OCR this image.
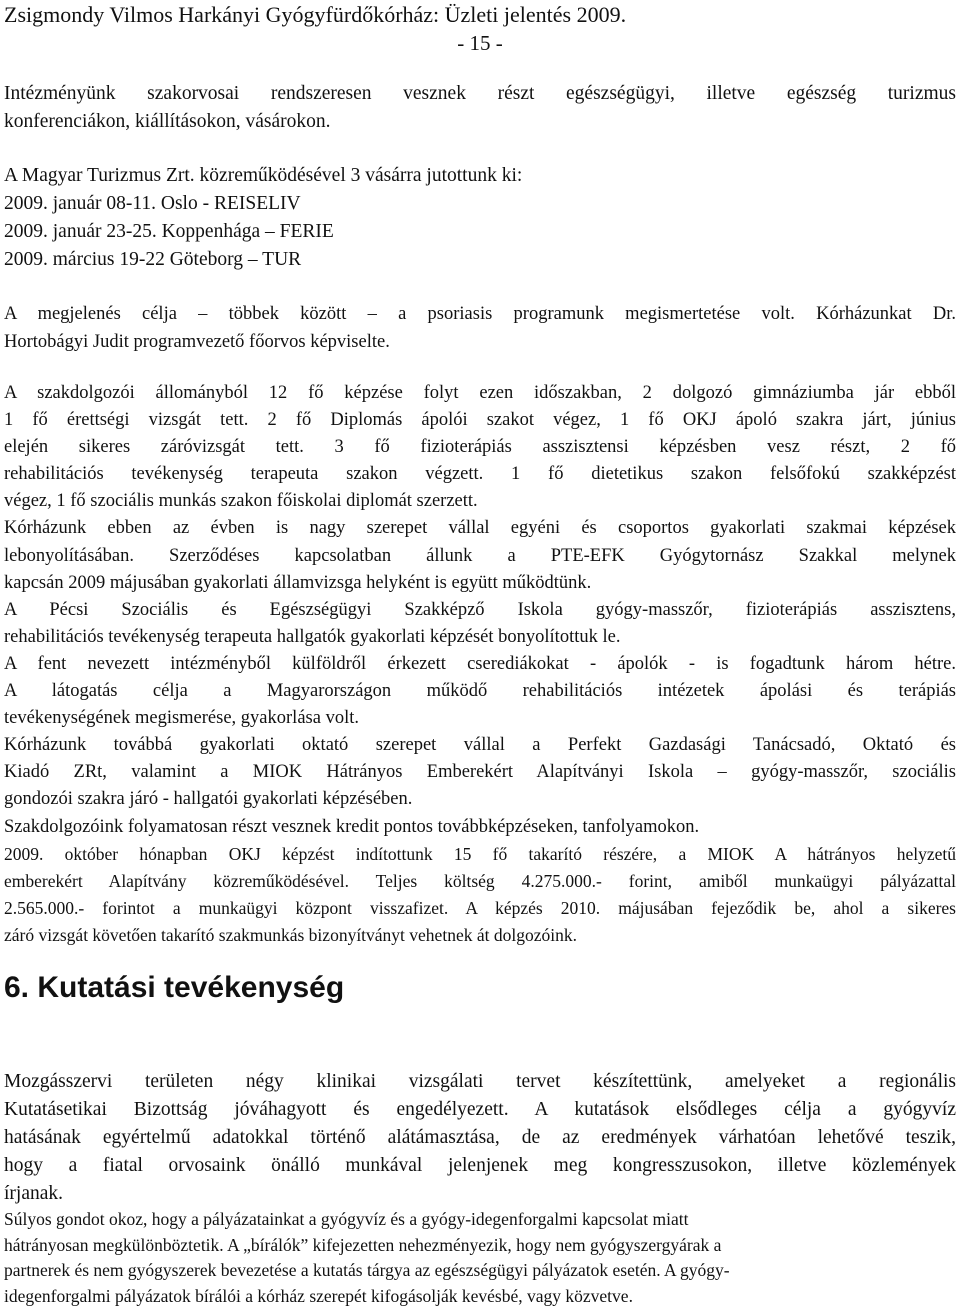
Zsigmondy Vilmos Harkányi Gyógyfürdőkórház: Üzleti jelentés 2009.
- 15 -
Intézményünk szakorvosai rendszeresen vesznek részt egészségügyi, illetve egészség turizmus
konferenciákon, kiállításokon, vásárokon.
A Magyar Turizmus Zrt. közreműködésével 3 vásárra jutottunk ki:
2009. január 08-11. Oslo - REISELIV
2009. január 23-25. Koppenhága – FERIE
2009. március 19-22 Göteborg – TUR
A megjelenés célja – többek között – a psoriasis programunk megismertetése volt. Kórházunkat Dr.
Hortobágyi Judit programvezető főorvos képviselte.
A szakdolgozói állományból 12 fő képzése folyt ezen időszakban, 2 dolgozó gimnáziumba jár ebből
1 fő érettségi vizsgát tett. 2 fő Diplomás ápolói szakot végez, 1 fő OKJ ápoló szakra járt, június
elején sikeres záróvizsgát tett. 3 fő fizioterápiás asszisztensi képzésben vesz részt, 2 fő
rehabilitációs tevékenység terapeuta szakon végzett. 1 fő dietetikus szakon felsőfokú szakképzést
végez, 1 fő szociális munkás szakon főiskolai diplomát szerzett.
Kórházunk ebben az évben is nagy szerepet vállal egyéni és csoportos gyakorlati szakmai képzések
lebonyolításában. Szerződéses kapcsolatban állunk a PTE-EFK Gyógytornász Szakkal melynek
kapcsán 2009 májusában gyakorlati államvizsga helyként is együtt működtünk.
A Pécsi Szociális és Egészségügyi Szakképző Iskola gyógy-masszőr, fizioterápiás asszisztens,
rehabilitációs tevékenység terapeuta hallgatók gyakorlati képzését bonyolítottuk le.
A fent nevezett intézményből külföldről érkezett cserediákokat - ápolók - is fogadtunk három hétre.
A látogatás célja a Magyarországon működő rehabilitációs intézetek ápolási és terápiás
tevékenységének megismerése, gyakorlása volt.
Kórházunk továbbá gyakorlati oktató szerepet vállal a Perfekt Gazdasági Tanácsadó, Oktató és
Kiadó ZRt, valamint a MIOK Hátrányos Emberekért Alapítványi Iskola – gyógy-masszőr, szociális
gondozói szakra járó - hallgatói gyakorlati képzésében.
Szakdolgozóink folyamatosan részt vesznek kredit pontos továbbképzéseken, tanfolyamokon.
2009. október hónapban OKJ képzést indítottunk 15 fő takarító részére, a MIOK A hátrányos helyzetű
emberekért Alapítvány közreműködésével. Teljes költség 4.275.000.- forint, amiből munkaügyi pályázattal
2.565.000.- forintot a munkaügyi központ visszafizet. A képzés 2010. májusában fejeződik be, ahol a sikeres
záró vizsgát követően takarító szakmunkás bizonyítványt vehetnek át dolgozóink.
6. Kutatási tevékenység
Mozgásszervi területen négy klinikai vizsgálati tervet készítettünk, amelyeket a regionális
Kutatásetikai Bizottság jóváhagyott és engedélyezett. A kutatások elsődleges célja a gyógyvíz
hatásának egyértelmű adatokkal történő alátámasztása, de az eredmények várhatóan lehetővé teszik,
hogy a fiatal orvosaink önálló munkával jelenjenek meg kongresszusokon, illetve közlemények
írjanak.
Súlyos gondot okoz, hogy a pályázatainkat a gyógyvíz és a gyógy-idegenforgalmi kapcsolat miatt
hátrányosan megkülönböztetik. A „bírálók” kifejezetten nehezményezik, hogy nem gyógyszergyárak a
partnerek és nem gyógyszerek bevezetése a kutatás tárgya az egészségügyi pályázatok esetén. A gyógy-
idegenforgalmi pályázatok bírálói a kórház szerepét kifogásolják kevésbé, vagy közvetve.
